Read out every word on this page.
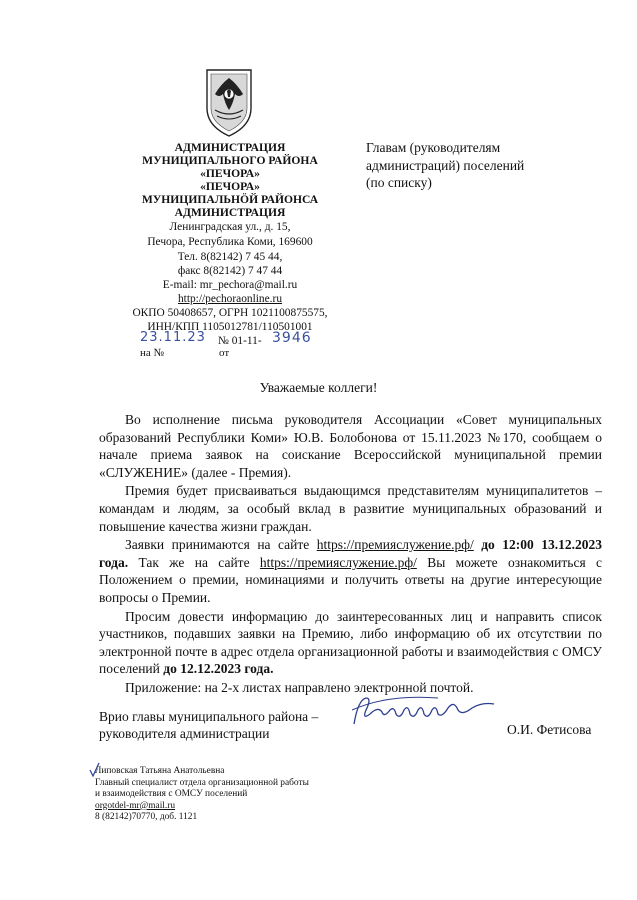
АДМИНИСТРАЦИЯ
МУНИЦИПАЛЬНОГО РАЙОНА
«ПЕЧОРА»
«ПЕЧОРА»
МУНИЦИПАЛЬНÖЙ РАЙОНСА
АДМИНИСТРАЦИЯ
Ленинградская ул., д. 15,
Печора, Республика Коми, 169600
Тел. 8(82142) 7 45 44,
факс 8(82142) 7 47 44
E-mail: mr_pechora@mail.ru
http://pechoraonline.ru
ОКПО 50408657, ОГРН 1021100875575,
ИНН/КПП 1105012781/110501001
23.11.23 № 01-11- 3946
на №	от
Главам (руководителям
администраций) поселений
(по списку)
Уважаемые коллеги!

Во исполнение письма руководителя Ассоциации «Совет муниципальных образований Республики Коми» Ю.В. Болобонова от 15.11.2023 №170, сообщаем о начале приема заявок на соискание Всероссийской муниципальной премии «СЛУЖЕНИЕ» (далее - Премия).

Премия будет присваиваться выдающимся представителям муниципалитетов – командам и людям, за особый вклад в развитие муниципальных образований и повышение качества жизни граждан.

Заявки принимаются на сайте https://премияслужение.рф/ до 12:00 13.12.2023 года. Так же на сайте https://премияслужение.рф/ Вы можете ознакомиться с Положением о премии, номинациями и получить ответы на другие интересующие вопросы о Премии.

Просим довести информацию до заинтересованных лиц и направить список участников, подавших заявки на Премию, либо информацию об их отсутствии по электронной почте в адрес отдела организационной работы и взаимодействия с ОМСУ поселений до 12.12.2023 года.

Приложение: на 2-х листах направлено электронной почтой.

Врио главы муниципального района –
руководителя администрации	О.И. Фетисова
Липовская Татьяна Анатольевна
Главный специалист отдела организационной работы
и взаимодействия с ОМСУ поселений
orgotdel-mr@mail.ru
8 (82142)70770, доб. 1121
